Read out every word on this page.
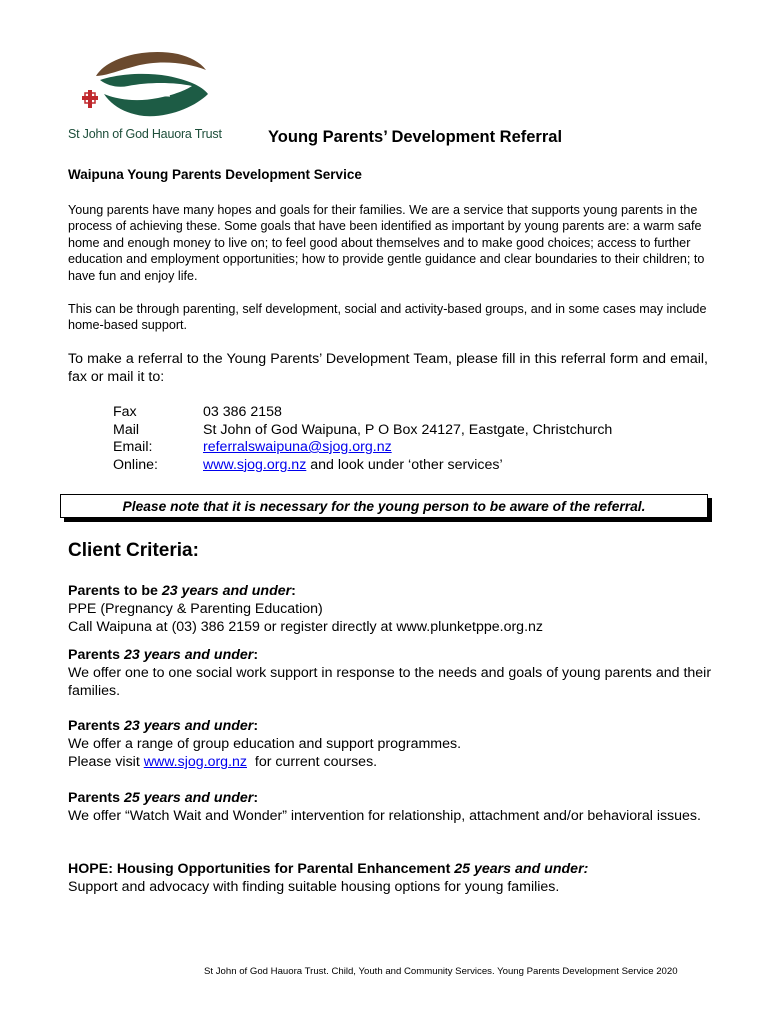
St John of God Hauora Trust	Young Parents’ Development Referral
Waipuna Young Parents Development Service
Young parents have many hopes and goals for their families. We are a service that supports young parents in the process of achieving these. Some goals that have been identified as important by young parents are: a warm safe home and enough money to live on; to feel good about themselves and to make good choices; access to further education and employment opportunities; how to provide gentle guidance and clear boundaries to their children; to have fun and enjoy life.
This can be through parenting, self development, social and activity-based groups, and in some cases may include home-based support.
To make a referral to the Young Parents’ Development Team, please fill in this referral form and email, fax or mail it to:
Fax	03 386 2158
Mail	St John of God Waipuna, P O Box 24127, Eastgate, Christchurch
Email:	referralswaipuna@sjog.org.nz
Online:	www.sjog.org.nz and look under ‘other services’
Please note that it is necessary for the young person to be aware of the referral.
Client Criteria:
Parents to be 23 years and under:
PPE (Pregnancy & Parenting Education)
Call Waipuna at (03) 386 2159 or register directly at www.plunketppe.org.nz
Parents 23 years and under:
We offer one to one social work support in response to the needs and goals of young parents and their families.
Parents 23 years and under:
We offer a range of group education and support programmes.
Please visit www.sjog.org.nz  for current courses.
Parents 25 years and under:
We offer “Watch Wait and Wonder” intervention for relationship, attachment and/or behavioral issues.
HOPE: Housing Opportunities for Parental Enhancement 25 years and under:
Support and advocacy with finding suitable housing options for young families.
St John of God Hauora Trust. Child, Youth and Community Services. Young Parents Development Service 2020
